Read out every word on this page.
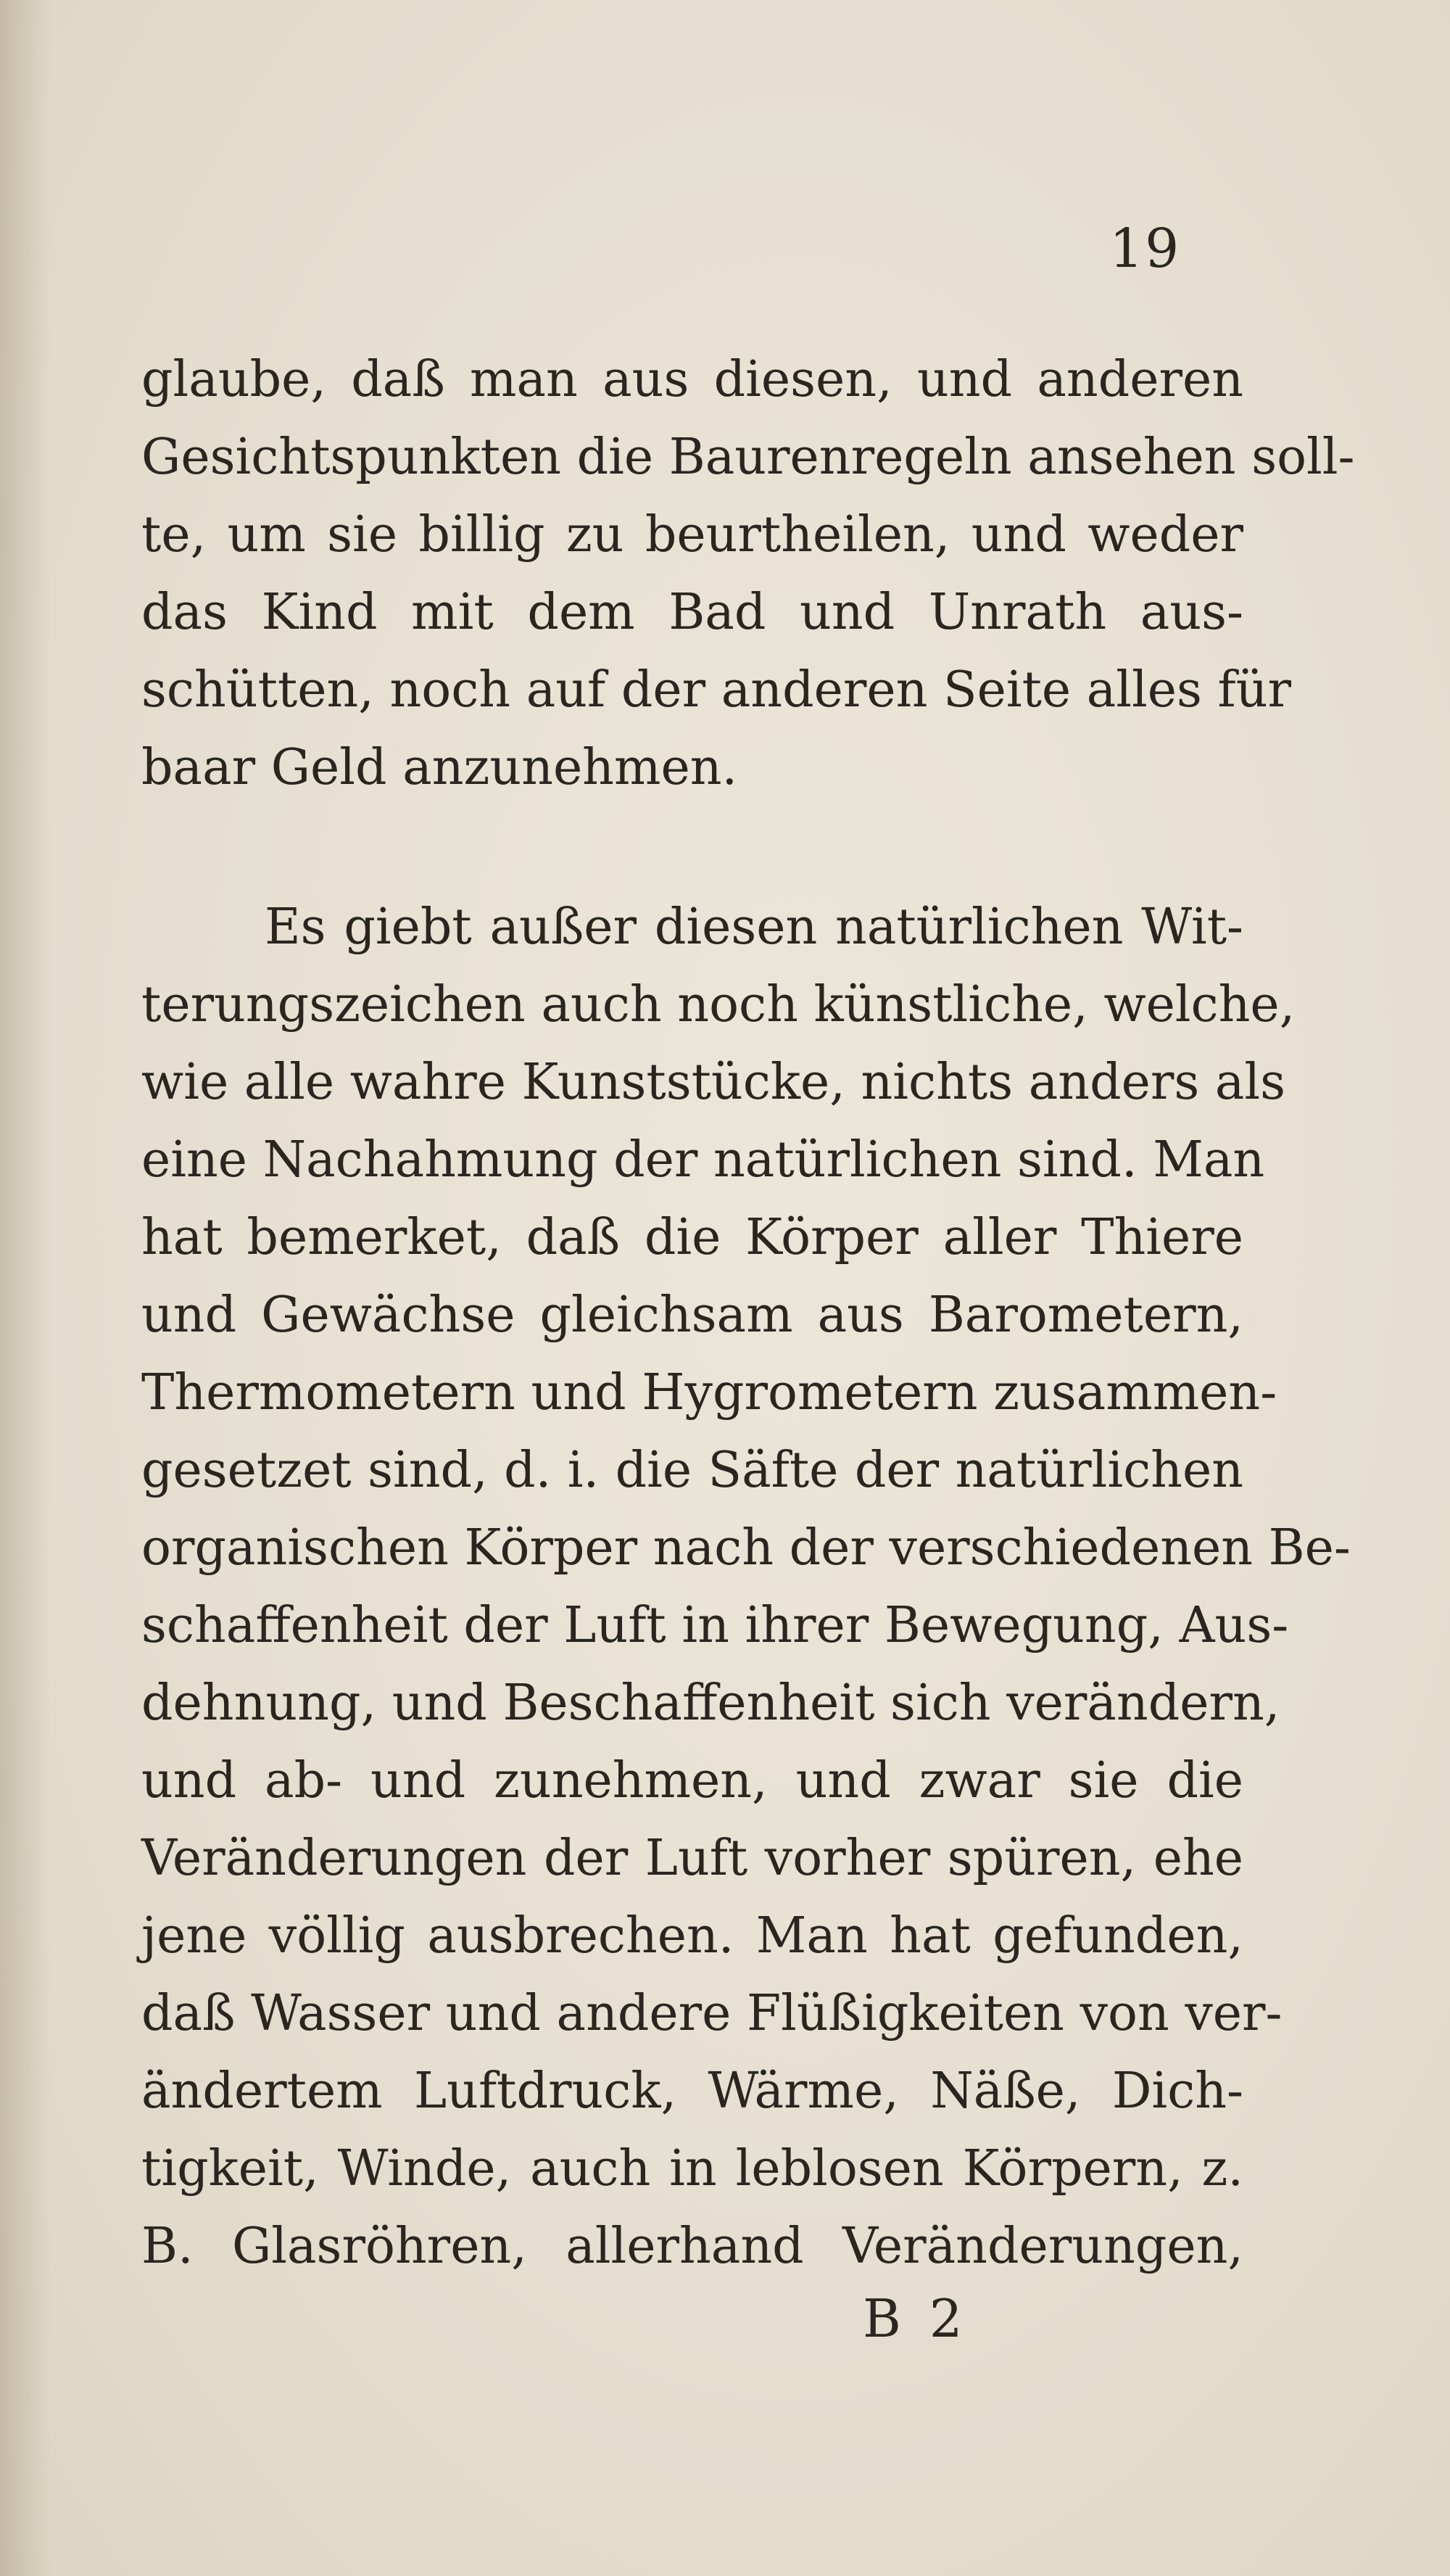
19
glaube, daß man aus diesen, und anderen
Gesichtspunkten die Baurenregeln ansehen soll-
te, um sie billig zu beurtheilen, und weder
das Kind mit dem Bad und Unrath aus-
schütten, noch auf der anderen Seite alles für
baar Geld anzunehmen.
Es giebt außer diesen natürlichen Wit-
terungszeichen auch noch künstliche, welche,
wie alle wahre Kunststücke, nichts anders als
eine Nachahmung der natürlichen sind. Man
hat bemerket, daß die Körper aller Thiere
und Gewächse gleichsam aus Barometern,
Thermometern und Hygrometern zusammen-
gesetzet sind, d. i. die Säfte der natürlichen
organischen Körper nach der verschiedenen Be-
schaffenheit der Luft in ihrer Bewegung, Aus-
dehnung, und Beschaffenheit sich verändern,
und ab- und zunehmen, und zwar sie die
Veränderungen der Luft vorher spüren, ehe
jene völlig ausbrechen. Man hat gefunden,
daß Wasser und andere Flüßigkeiten von ver-
ändertem Luftdruck, Wärme, Näße, Dich-
tigkeit, Winde, auch in leblosen Körpern, z.
B. Glasröhren, allerhand Veränderungen,
B 2
